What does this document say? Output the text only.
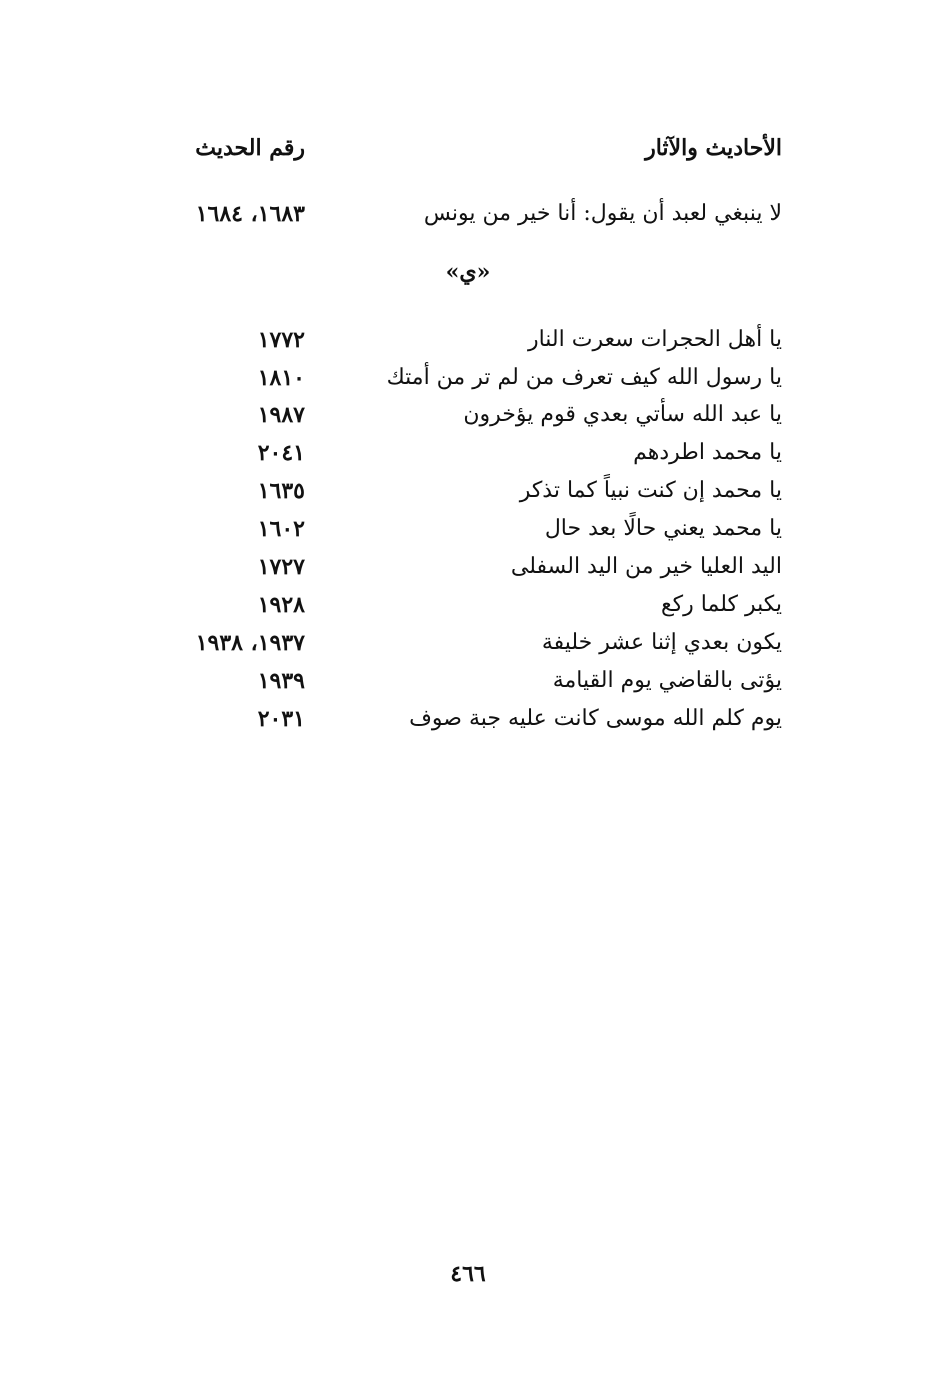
الأحاديث والآثار
رقم الحديث
لا ينبغي لعبد أن يقول: أنا خير من يونس
١٦٨٣، ١٦٨٤
«ي»
يا أهل الحجرات سعرت النار
١٧٧٢
يا رسول الله كيف تعرف من لم تر من أمتك
١٨١٠
يا عبد الله سأتي بعدي قوم يؤخرون
١٩٨٧
يا محمد اطردهم
٢٠٤١
يا محمد إن كنت نبياً كما تذكر
١٦٣٥
يا محمد يعني حالًا بعد حال
١٦٠٢
اليد العليا خير من اليد السفلى
١٧٢٧
يكبر كلما ركع
١٩٢٨
يكون بعدي إثنا عشر خليفة
١٩٣٧، ١٩٣٨
يؤتى بالقاضي يوم القيامة
١٩٣٩
يوم كلم الله موسى كانت عليه جبة صوف
٢٠٣١
٤٦٦
